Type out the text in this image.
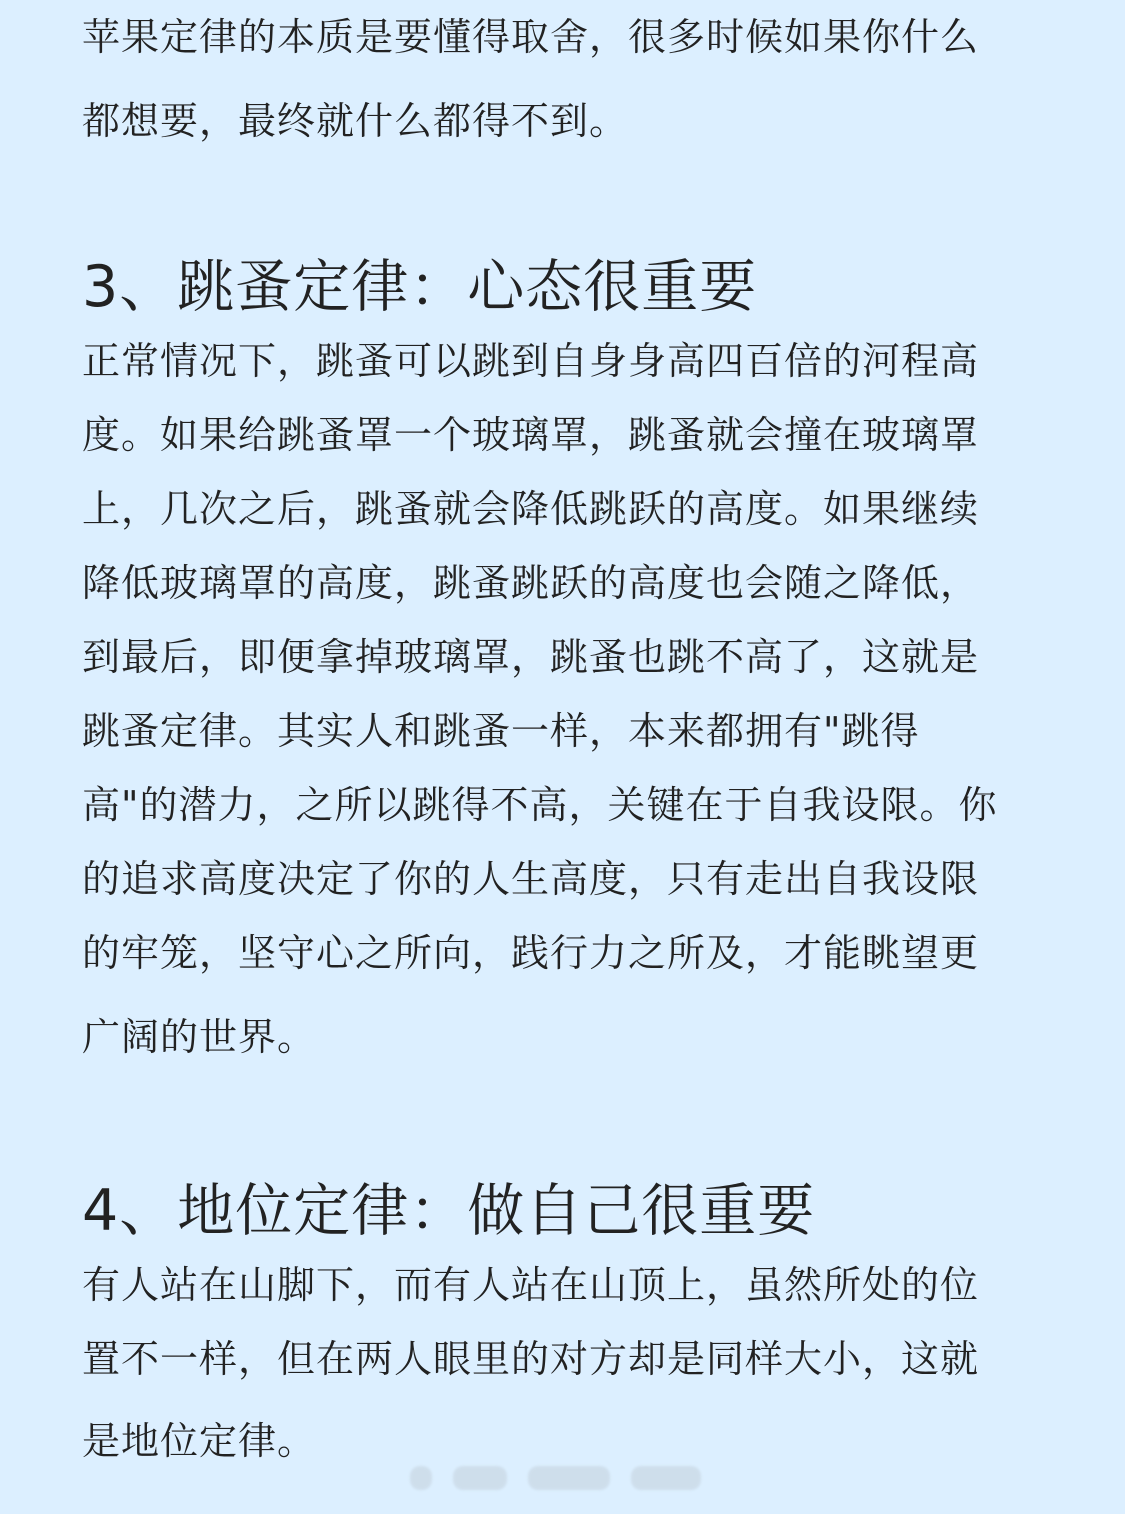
苹果定律的本质是要懂得取舍，很多时候如果你什么
都想要，最终就什么都得不到。

3、跳蚤定律：心态很重要

正常情况下，跳蚤可以跳到自身身高四百倍的河程高
度。如果给跳蚤罩一个玻璃罩，跳蚤就会撞在玻璃罩
上，几次之后，跳蚤就会降低跳跃的高度。如果继续
降低玻璃罩的高度，跳蚤跳跃的高度也会随之降低，
到最后，即便拿掉玻璃罩，跳蚤也跳不高了，这就是
跳蚤定律。其实人和跳蚤一样，本来都拥有"跳得
高"的潜力，之所以跳得不高，关键在于自我设限。你
的追求高度决定了你的人生高度，只有走出自我设限
的牢笼，坚守心之所向，践行力之所及，才能眺望更
广阔的世界。

4、地位定律：做自己很重要

有人站在山脚下，而有人站在山顶上，虽然所处的位
置不一样，但在两人眼里的对方却是同样大小，这就
是地位定律。
